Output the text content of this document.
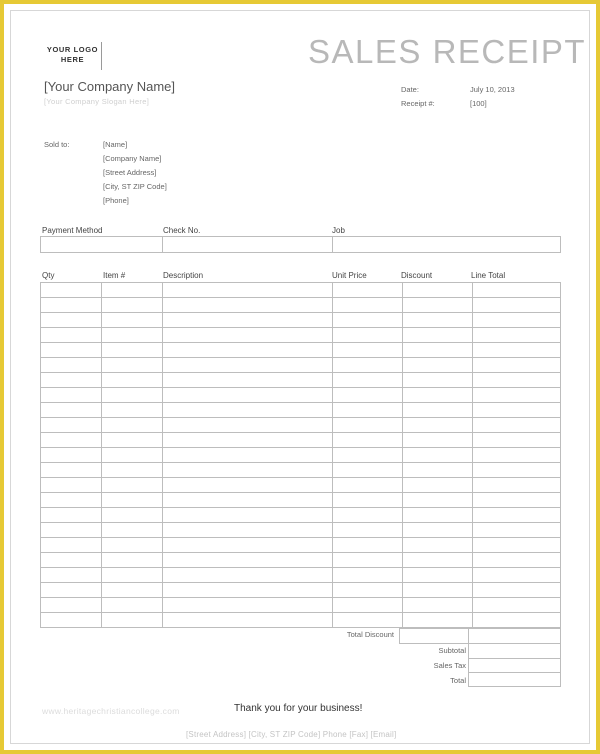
YOUR LOGO
HERE	SALES RECEIPT
[Your Company Name]
[Your Company Slogan Here]
Date:	July 10, 2013
Receipt #:	[100]
Sold to:	[Name]
[Company Name]
[Street Address]
[City, ST ZIP Code]
[Phone]
Payment Method	Check No.	Job

Qty	Item #	Description	Unit Price	Discount	Line Total

Total Discount
Subtotal
Sales Tax
Total
www.heritagechristiancollege.com	Thank you for your business!
[Street Address] [City, ST ZIP Code] Phone [Fax] [Email]
